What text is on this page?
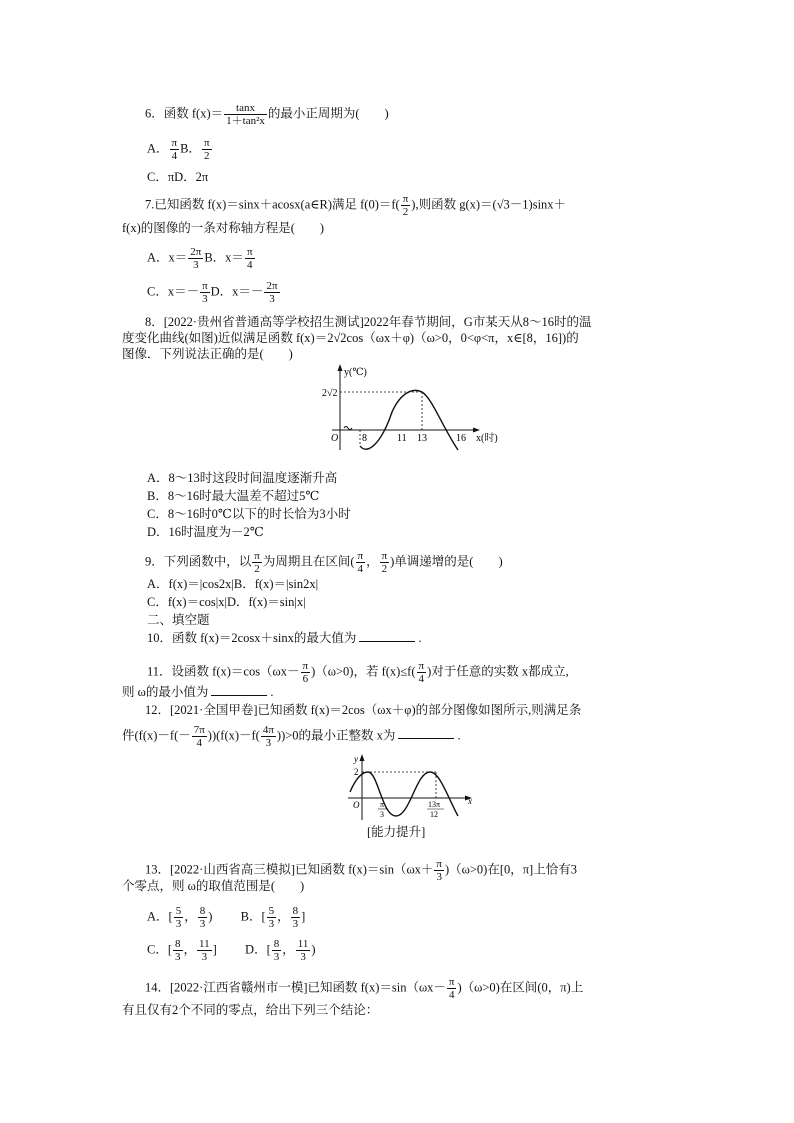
6．函数 $f(x)= \frac{\tan x}{\text{1＋tan²x}}$ 的最小正周期为(　　)
A． $\frac{\pi}{4}$ B． $\frac{\pi}{2}$
C．πD．2π
7.已知函数 f(x)＝sinx＋acosx(a∈R)满足 $f(0)=f( \frac{\pi}{2}$ ),则函数 g(x)＝(√3－1)sinx＋
f(x)的图像的一条对称轴方程是(　　)
A．$x= \frac{2\pi}{3}$ B．$x= \frac{\pi}{4}$
C．$x=- \frac{\pi}{3}$ D．$x=- \frac{2\pi}{3}$
8．[2022·贵州省普通高等学校招生测试]2022年春节期间，G市某天从8～16时的温
度变化曲线(如图)近似满足函数 f(x)＝2√2cos（ωx＋φ)（ω>0，0<φ<π，x∈[8，16])的
图像．下列说法正确的是(　　)
y(℃)
2√2
O 8	11 13	16 x(时)
A．8～13时这段时间温度逐渐升高
B．8～16时最大温差不超过5℃
C．8～16时0℃以下的时长恰为3小时
D．16时温度为－2℃
9．下列函数中，以 $\frac{\pi}{2}$ 为周期且在区间( $\frac{\pi}{4}$ ， $\frac{\pi}{2}$ )单调递增的是(　　)
A．f(x)＝|cos2x|B．f(x)＝|sin2x|
C．f(x)＝cos|x|D．f(x)＝sin|x|
二、填空题
10．函数 f(x)＝2cosx＋sinx的最大值为	.
11．设函数 $f(x)=\cos(\omega x- \frac{\pi}{6} )(\omega>0)$，若 $f(x)\le f( \frac{\pi}{4}$ )对于任意的实数 x都成立,
则 ω的最小值为	.
12．[2021·全国甲卷]已知函数 f(x)＝2cos（ωx＋φ)的部分图像如图所示,则满足条
件$(f(x)-f(- \frac{7\pi}{4} ))(f(x)-f( \frac{4\pi}{3} ))>0$的最小正整数 x为	.
y
2
O	π
3
13π
12
x
[能力提升]
13．[2022·山西省高三模拟]已知函数 $f(x)=\sin(\omega x+ \frac{\pi}{3} )(\omega>0)$在[0，π]上恰有3
个零点，则 ω的取值范围是(　　)
A．[ $\frac{5}{3}$ ， $\frac{8}{3}$ ) B．[ $\frac{5}{3}$ ， $\frac{8}{3}$ ]
C．[ $\frac{8}{3}$ ， $\frac{11}{3}$ ] D．[ $\frac{8}{3}$ ， $\frac{11}{3}$ )
14．[2022·江西省赣州市一模]已知函数 $f(x)=\sin(\omega x- \frac{\pi}{4} )(\omega>0)$在区间(0，π)上
有且仅有2个不同的零点，给出下列三个结论：
